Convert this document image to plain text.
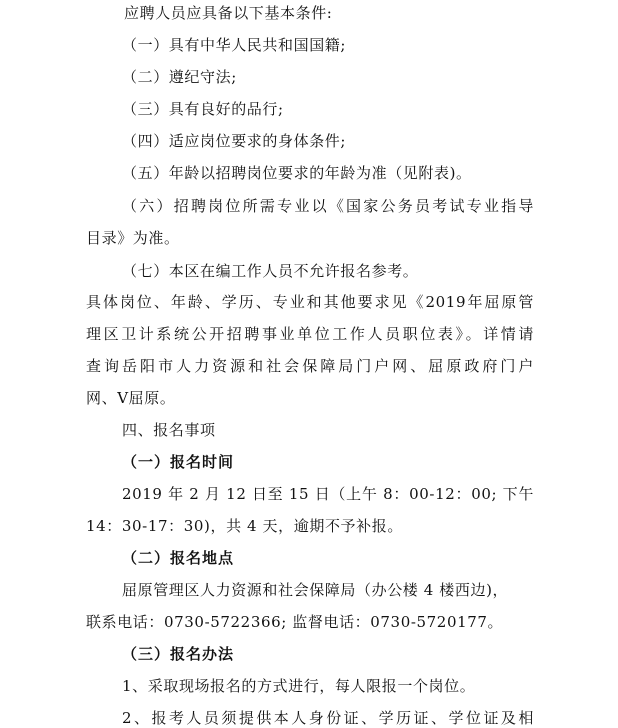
应聘人员应具备以下基本条件:
（一）具有中华人民共和国国籍;
（二）遵纪守法;
（三）具有良好的品行;
（四）适应岗位要求的身体条件;
（五）年龄以招聘岗位要求的年龄为准（见附表)。
（六）招聘岗位所需专业以《国家公务员考试专业指导
目录》为准。
（七）本区在编工作人员不允许报名参考。
具体岗位、年龄、学历、专业和其他要求见《2019年屈原管
理区卫计系统公开招聘事业单位工作人员职位表》。详情请
查询岳阳市人力资源和社会保障局门户网、屈原政府门户
网、V屈原。
四、报名事项
（一）报名时间
2019 年 2 月 12 日至 15 日（上午 8：00-12：00; 下午
14：30-17：30)，共 4 天，逾期不予补报。
（二）报名地点
屈原管理区人力资源和社会保障局（办公楼 4 楼西边)，
联系电话：0730-5722366; 监督电话：0730-5720177。
（三）报名办法
1、采取现场报名的方式进行，每人限报一个岗位。
2、报考人员须提供本人身份证、学历证、学位证及相
